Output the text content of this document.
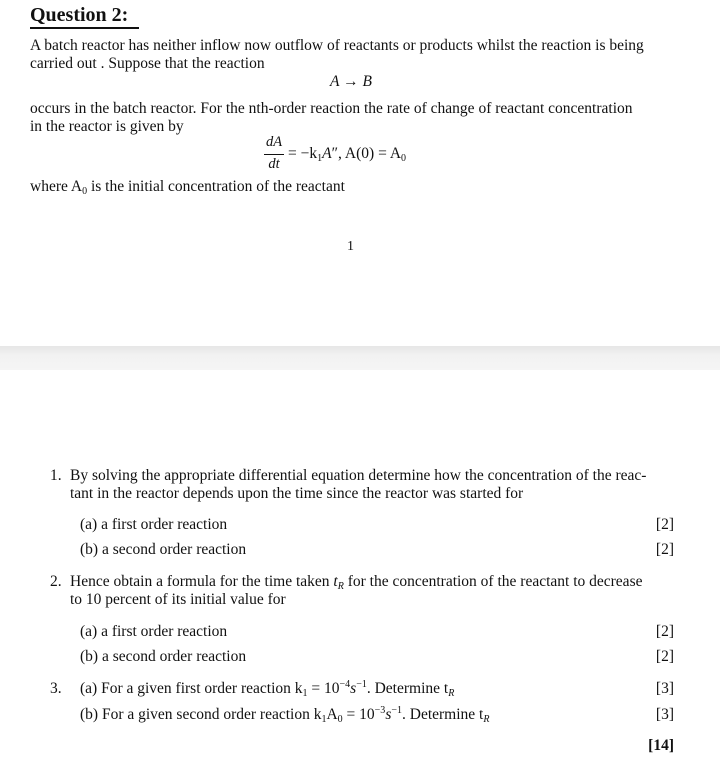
Question 2:
A batch reactor has neither inflow now outflow of reactants or products whilst the reaction is being
carried out . Suppose that the reaction
A → B
occurs in the batch reactor. For the nth-order reaction the rate of change of reactant concentration
in the reactor is given by
dA
dt
= $-k_1A''$, $A(0) = A_0$
where $A_0$ is the initial concentration of the reactant
1
1. By solving the appropriate differential equation determine how the concentration of the reac-
tant in the reactor depends upon the time since the reactor was started for
(a) a first order reaction	[2]
(b) a second order reaction	[2]
2. Hence obtain a formula for the time taken $t_R$ for the concentration of the reactant to decrease
to 10 percent of its initial value for
(a) a first order reaction	[2]
(b) a second order reaction	[2]
3. (a) For a given first order reaction $k_1 = 10^{-4}s^{-1}$. Determine $t_R$	[3]
(b) For a given second order reaction $k_1A_0 = 10^{-3}s^{-1}$. Determine $t_R$	[3]
[14]
